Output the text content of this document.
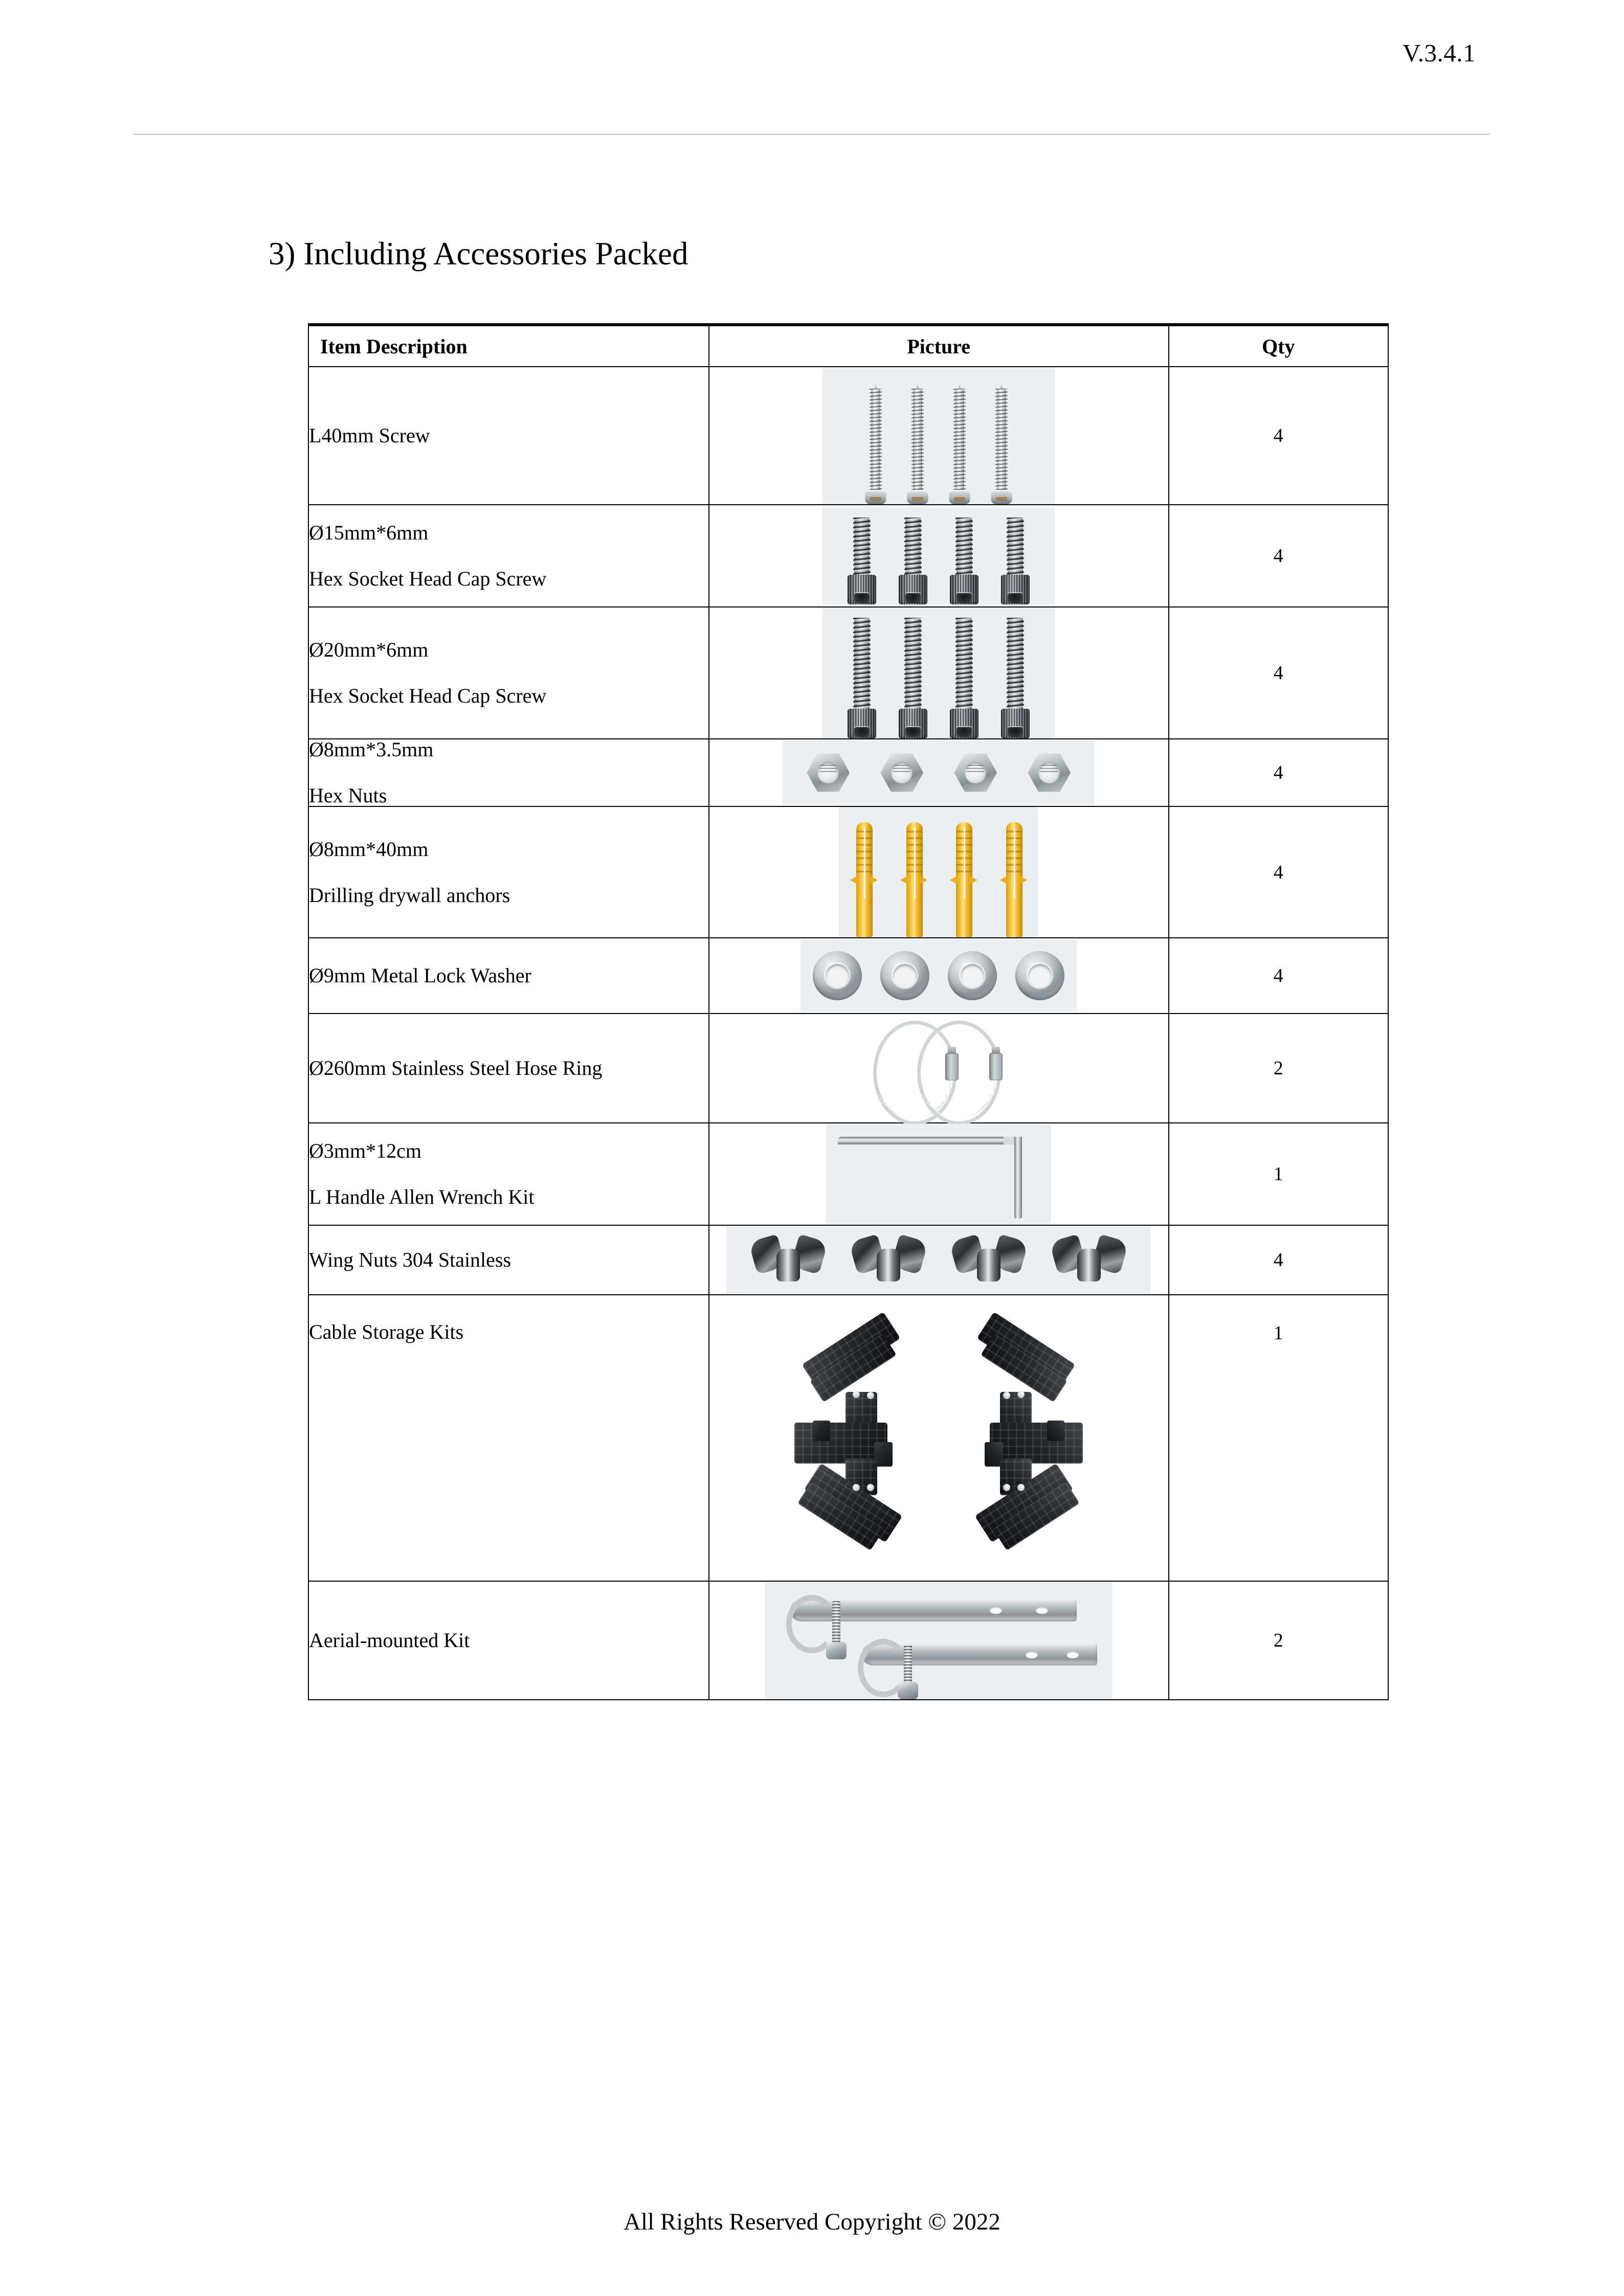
V.3.4.1
3) Including Accessories Packed
Item Description	Picture	Qty

L40mm Screw		4

Ø15mm*6mm
Hex Socket Head Cap Screw		4

Ø20mm*6mm
Hex Socket Head Cap Screw		4

Ø8mm*3.5mm
Hex Nuts		4

Ø8mm*40mm
Drilling drywall anchors		4

Ø9mm Metal Lock Washer		4

Ø260mm Stainless Steel Hose Ring		2

Ø3mm*12cm
L Handle Allen Wrench Kit		1

Wing Nuts 304 Stainless		4

Cable Storage Kits		1

Aerial-mounted Kit		2
All Rights Reserved Copyright © 2022
